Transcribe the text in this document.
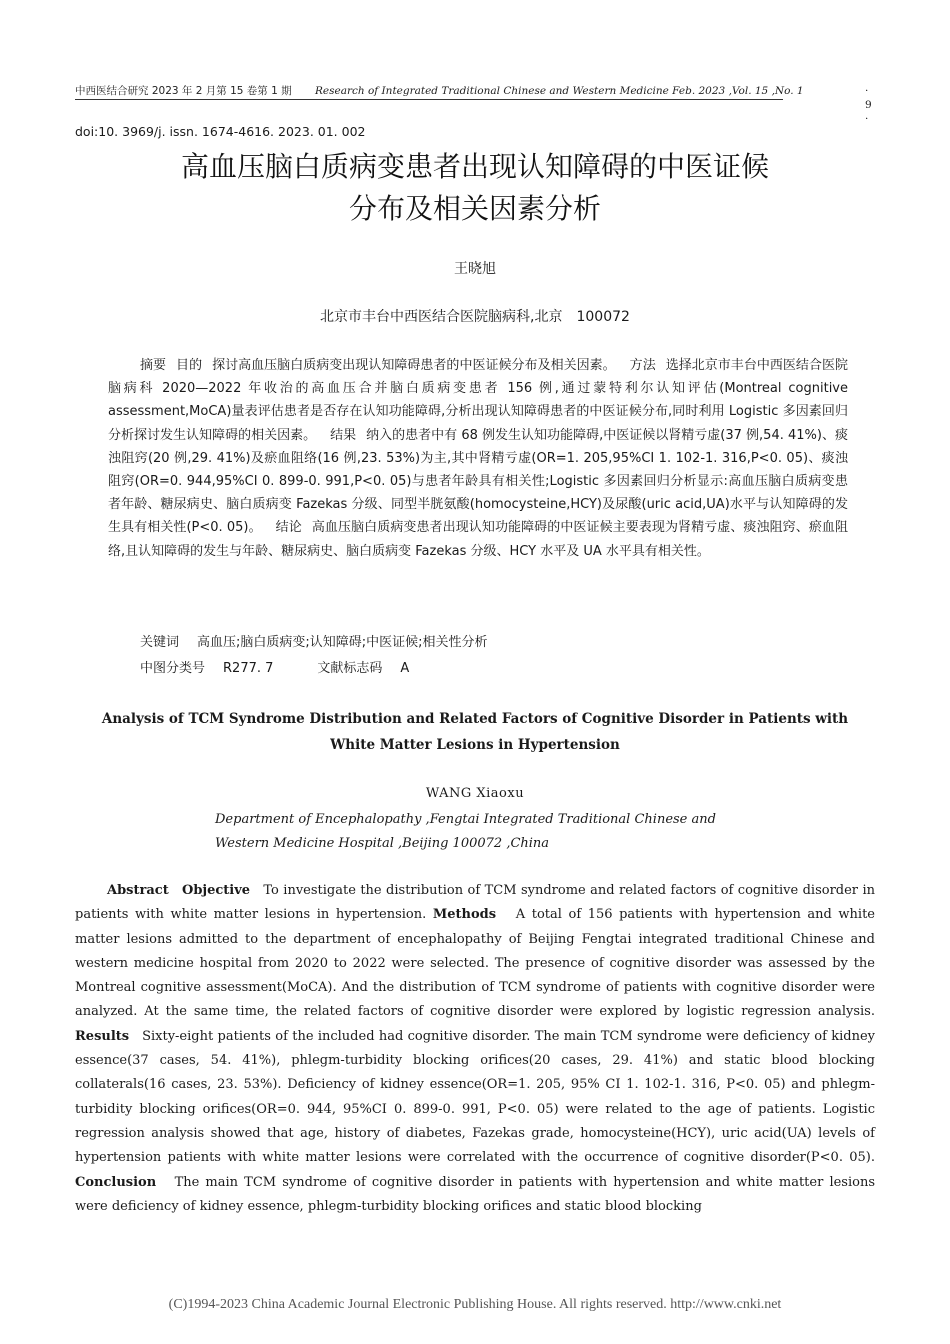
中西医结合研究 2023 年 2 月第 15 卷第 1 期 Research of Integrated Traditional Chinese and Western Medicine Feb. 2023 ,Vol. 15 ,No. 1	· 9 ·
doi:10. 3969/j. issn. 1674-4616. 2023. 01. 002
高血压脑白质病变患者出现认知障碍的中医证候
分布及相关因素分析
王晓旭
北京市丰台中西医结合医院脑病科,北京　100072
摘要 目的 探讨高血压脑白质病变出现认知障碍患者的中医证候分布及相关因素。 方法 选择北京市丰台中西医结合医院脑病科 2020—2022 年收治的高血压合并脑白质病变患者 156 例,通过蒙特利尔认知评估(Montreal cognitive assessment,MoCA)量表评估患者是否存在认知功能障碍,分析出现认知障碍患者的中医证候分布,同时利用 Logistic 多因素回归分析探讨发生认知障碍的相关因素。 结果 纳入的患者中有 68 例发生认知功能障碍,中医证候以肾精亏虚(37 例,54. 41%)、痰浊阻窍(20 例,29. 41%)及瘀血阻络(16 例,23. 53%)为主,其中肾精亏虚(OR=1. 205,95%CI 1. 102-1. 316,P<0. 05)、痰浊阻窍(OR=0. 944,95%CI 0. 899-0. 991,P<0. 05)与患者年龄具有相关性;Logistic 多因素回归分析显示:高血压脑白质病变患者年龄、糖尿病史、脑白质病变 Fazekas 分级、同型半胱氨酸(homocysteine,HCY)及尿酸(uric acid,UA)水平与认知障碍的发生具有相关性(P<0. 05)。 结论 高血压脑白质病变患者出现认知功能障碍的中医证候主要表现为肾精亏虚、痰浊阻窍、瘀血阻络,且认知障碍的发生与年龄、糖尿病史、脑白质病变 Fazekas 分级、HCY 水平及 UA 水平具有相关性。
关键词 高血压;脑白质病变;认知障碍;中医证候;相关性分析
中图分类号 R277. 7	文献标志码 A
Analysis of TCM Syndrome Distribution and Related Factors of Cognitive Disorder in Patients with
White Matter Lesions in Hypertension
WANG Xiaoxu
Department of Encephalopathy ,Fengtai Integrated Traditional Chinese and
Western Medicine Hospital ,Beijing 100072 ,China
Abstract Objective To investigate the distribution of TCM syndrome and related factors of cognitive disorder in patients with white matter lesions in hypertension. Methods A total of 156 patients with hypertension and white matter lesions admitted to the department of encephalopathy of Beijing Fengtai integrated traditional Chinese and western medicine hospital from 2020 to 2022 were selected. The presence of cognitive disorder was assessed by the Montreal cognitive assessment(MoCA). And the distribution of TCM syndrome of patients with cognitive disorder were analyzed. At the same time, the related factors of cognitive disorder were explored by logistic regression analysis. Results Sixty-eight patients of the included had cognitive disorder. The main TCM syndrome were deficiency of kidney essence(37 cases, 54. 41%), phlegm-turbidity blocking orifices(20 cases, 29. 41%) and static blood blocking collaterals(16 cases, 23. 53%). Deficiency of kidney essence(OR=1. 205, 95% CI 1. 102-1. 316, P<0. 05) and phlegm-turbidity blocking orifices(OR=0. 944, 95%CI 0. 899-0. 991, P<0. 05) were related to the age of patients. Logistic regression analysis showed that age, history of diabetes, Fazekas grade, homocysteine(HCY), uric acid(UA) levels of hypertension patients with white matter lesions were correlated with the occurrence of cognitive disorder(P<0. 05). Conclusion The main TCM syndrome of cognitive disorder in patients with hypertension and white matter lesions were deficiency of kidney essence, phlegm-turbidity blocking orifices and static blood blocking
(C)1994-2023 China Academic Journal Electronic Publishing House. All rights reserved. http://www.cnki.net
